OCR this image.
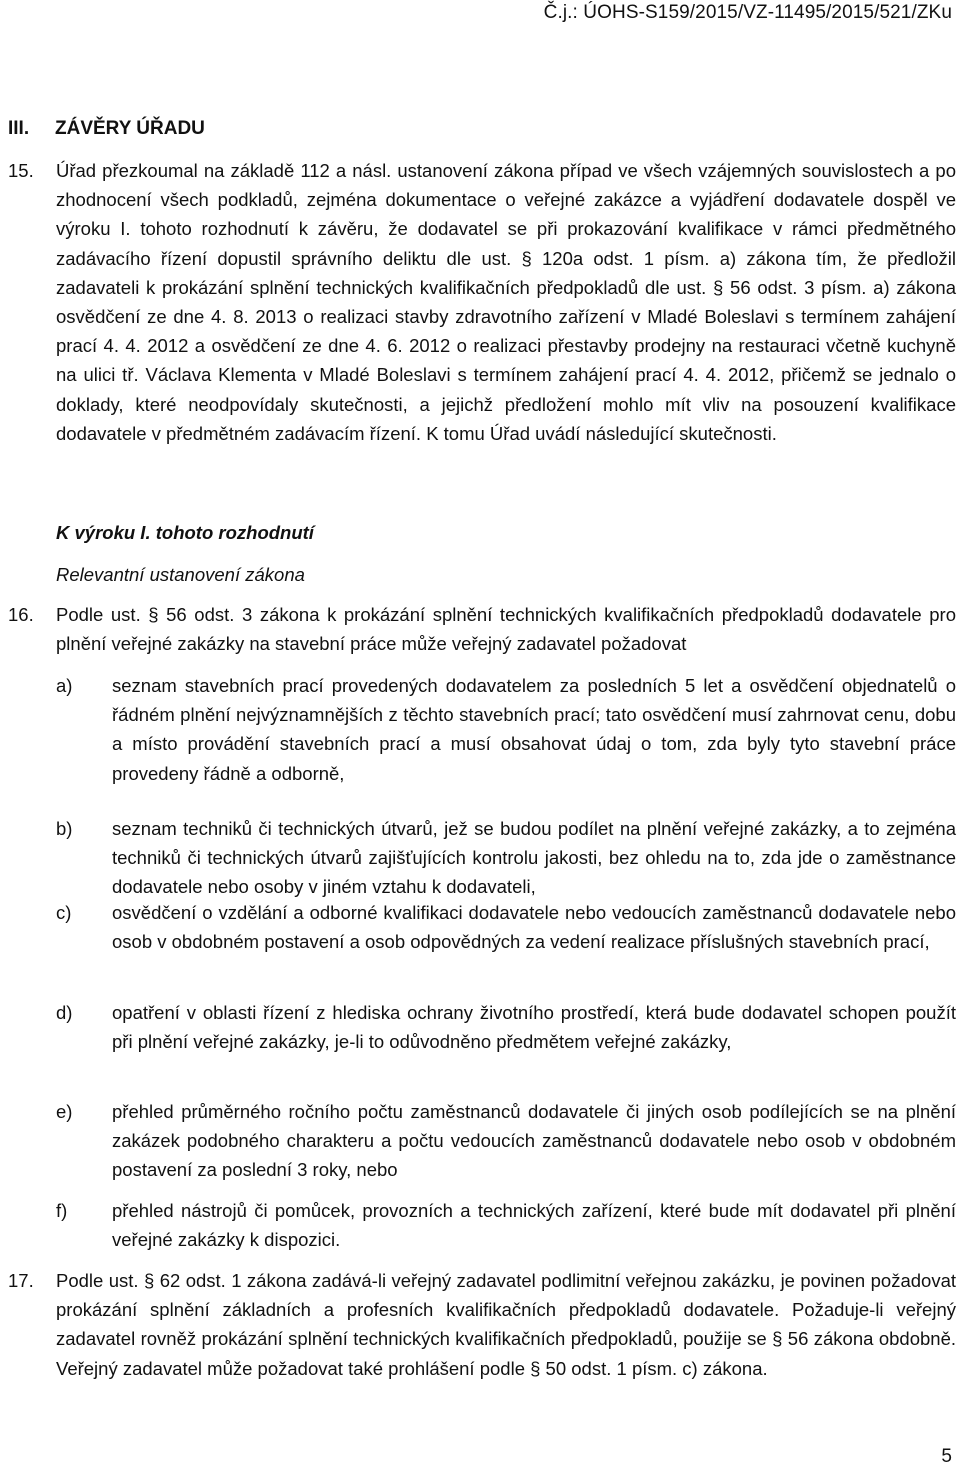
Č.j.: ÚOHS-S159/2015/VZ-11495/2015/521/ZKu
III. ZÁVĚRY ÚŘADU

15. Úřad přezkoumal na základě 112 a násl. ustanovení zákona případ ve všech vzájemných souvislostech a po zhodnocení všech podkladů, zejména dokumentace o veřejné zakázce a vyjádření dodavatele dospěl ve výroku I. tohoto rozhodnutí k závěru, že dodavatel se při prokazování kvalifikace v rámci předmětného zadávacího řízení dopustil správního deliktu dle ust. § 120a odst. 1 písm. a) zákona tím, že předložil zadavateli k prokázání splnění technických kvalifikačních předpokladů dle ust. § 56 odst. 3 písm. a) zákona osvědčení ze dne 4. 8. 2013 o realizaci stavby zdravotního zařízení v Mladé Boleslavi s termínem zahájení prací 4. 4. 2012 a osvědčení ze dne 4. 6. 2012 o realizaci přestavby prodejny na restauraci včetně kuchyně na ulici tř. Václava Klementa v Mladé Boleslavi s termínem zahájení prací 4. 4. 2012, přičemž se jednalo o doklady, které neodpovídaly skutečnosti, a jejichž předložení mohlo mít vliv na posouzení kvalifikace dodavatele v předmětném zadávacím řízení. K tomu Úřad uvádí následující skutečnosti.

K výroku I. tohoto rozhodnutí

Relevantní ustanovení zákona

16. Podle ust. § 56 odst. 3 zákona k prokázání splnění technických kvalifikačních předpokladů dodavatele pro plnění veřejné zakázky na stavební práce může veřejný zadavatel požadovat

a) seznam stavebních prací provedených dodavatelem za posledních 5 let a osvědčení objednatelů o řádném plnění nejvýznamnějších z těchto stavebních prací; tato osvědčení musí zahrnovat cenu, dobu a místo provádění stavebních prací a musí obsahovat údaj o tom, zda byly tyto stavební práce provedeny řádně a odborně,
b) seznam techniků či technických útvarů, jež se budou podílet na plnění veřejné zakázky, a to zejména techniků či technických útvarů zajišťujících kontrolu jakosti, bez ohledu na to, zda jde o zaměstnance dodavatele nebo osoby v jiném vztahu k dodavateli,
c) osvědčení o vzdělání a odborné kvalifikaci dodavatele nebo vedoucích zaměstnanců dodavatele nebo osob v obdobném postavení a osob odpovědných za vedení realizace příslušných stavebních prací,
d) opatření v oblasti řízení z hlediska ochrany životního prostředí, která bude dodavatel schopen použít při plnění veřejné zakázky, je-li to odůvodněno předmětem veřejné zakázky,
e) přehled průměrného ročního počtu zaměstnanců dodavatele či jiných osob podílejících se na plnění zakázek podobného charakteru a počtu vedoucích zaměstnanců dodavatele nebo osob v obdobném postavení za poslední 3 roky, nebo
f) přehled nástrojů či pomůcek, provozních a technických zařízení, které bude mít dodavatel při plnění veřejné zakázky k dispozici.

17. Podle ust. § 62 odst. 1 zákona zadává-li veřejný zadavatel podlimitní veřejnou zakázku, je povinen požadovat prokázání splnění základních a profesních kvalifikačních předpokladů dodavatele. Požaduje-li veřejný zadavatel rovněž prokázání splnění technických kvalifikačních předpokladů, použije se § 56 zákona obdobně. Veřejný zadavatel může požadovat také prohlášení podle § 50 odst. 1 písm. c) zákona.

5
